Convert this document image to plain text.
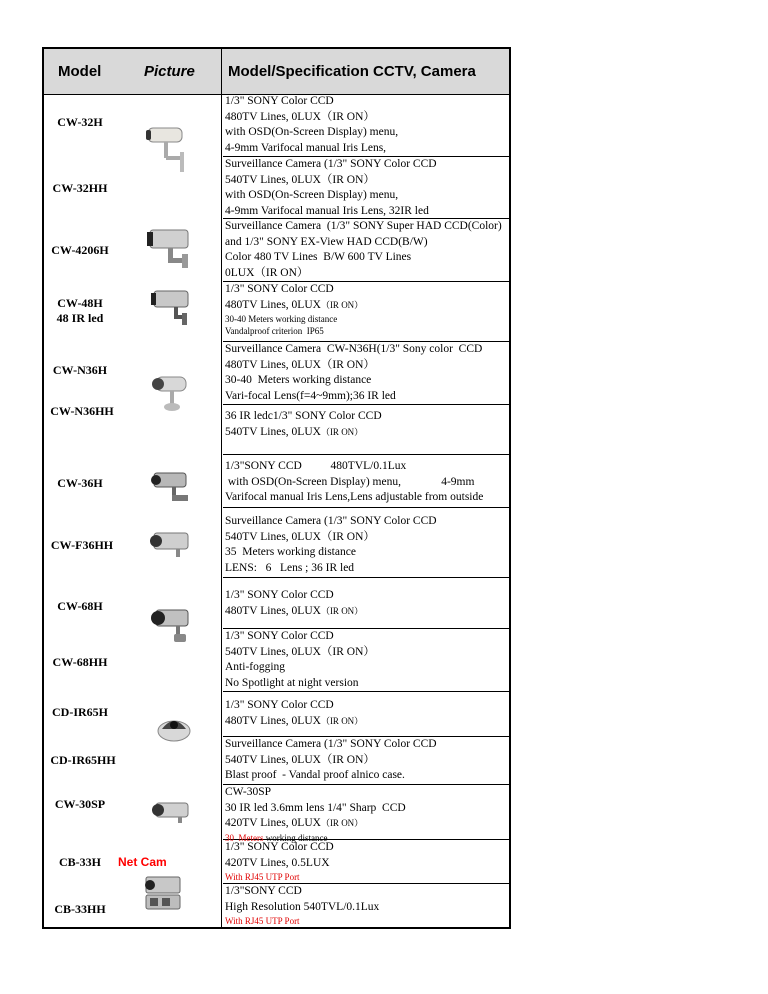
Model	Picture Model/Specification CCTV, Camera
CW-32H
CW-32HH
CW-4206H
CW-48H
48 IR led
CW-N36H
CW-N36HH
CW-36H
CW-F36HH
CW-68H
CW-68HH
CD-IR65H
CD-IR65HH
CW-30SP
CB-33H
CB-33HH
Net Cam
1/3" SONY Color CCD
480TV Lines, 0LUX（IR ON）
with OSD(On-Screen Display) menu,
4-9mm Varifocal manual Iris Lens,
Surveillance Camera (1/3" SONY Color CCD
540TV Lines, 0LUX（IR ON）
with OSD(On-Screen Display) menu,
4-9mm Varifocal manual Iris Lens, 32IR led
Surveillance Camera  (1/3" SONY Super HAD CCD(Color)
and 1/3" SONY EX-View HAD CCD(B/W)
Color 480 TV Lines  B/W 600 TV Lines
0LUX（IR ON）
1/3" SONY Color CCD
480TV Lines, 0LUX（IR ON）
30-40 Meters working distance
Vandalproof criterion  IP65
Surveillance Camera  CW-N36H(1/3" Sony color  CCD
480TV Lines, 0LUX（IR ON）
30-40  Meters working distance
Vari-focal Lens(f=4~9mm);36 IR led
36 IR ledc1/3" SONY Color CCD
540TV Lines, 0LUX（IR ON）
1/3"SONY CCD          480TVL/0.1Lux
with OSD(On-Screen Display) menu,              4-9mm
Varifocal manual Iris Lens,Lens adjustable from outside
Surveillance Camera (1/3" SONY Color CCD
540TV Lines, 0LUX（IR ON）
35  Meters working distance
LENS:   6   Lens ; 36 IR led
1/3" SONY Color CCD
480TV Lines, 0LUX（IR ON）
1/3" SONY Color CCD
540TV Lines, 0LUX（IR ON）
Anti-fogging
No Spotlight at night version
1/3" SONY Color CCD
480TV Lines, 0LUX（IR ON）
Surveillance Camera (1/3" SONY Color CCD
540TV Lines, 0LUX（IR ON）
Blast proof  - Vandal proof alnico case.
CW-30SP
30 IR led 3.6mm lens 1/4" Sharp  CCD
420TV Lines, 0LUX（IR ON）
30  Meters working distance
1/3" SONY Color CCD
420TV Lines, 0.5LUX
With RJ45 UTP Port
1/3"SONY CCD
High Resolution 540TVL/0.1Lux
With RJ45 UTP Port
